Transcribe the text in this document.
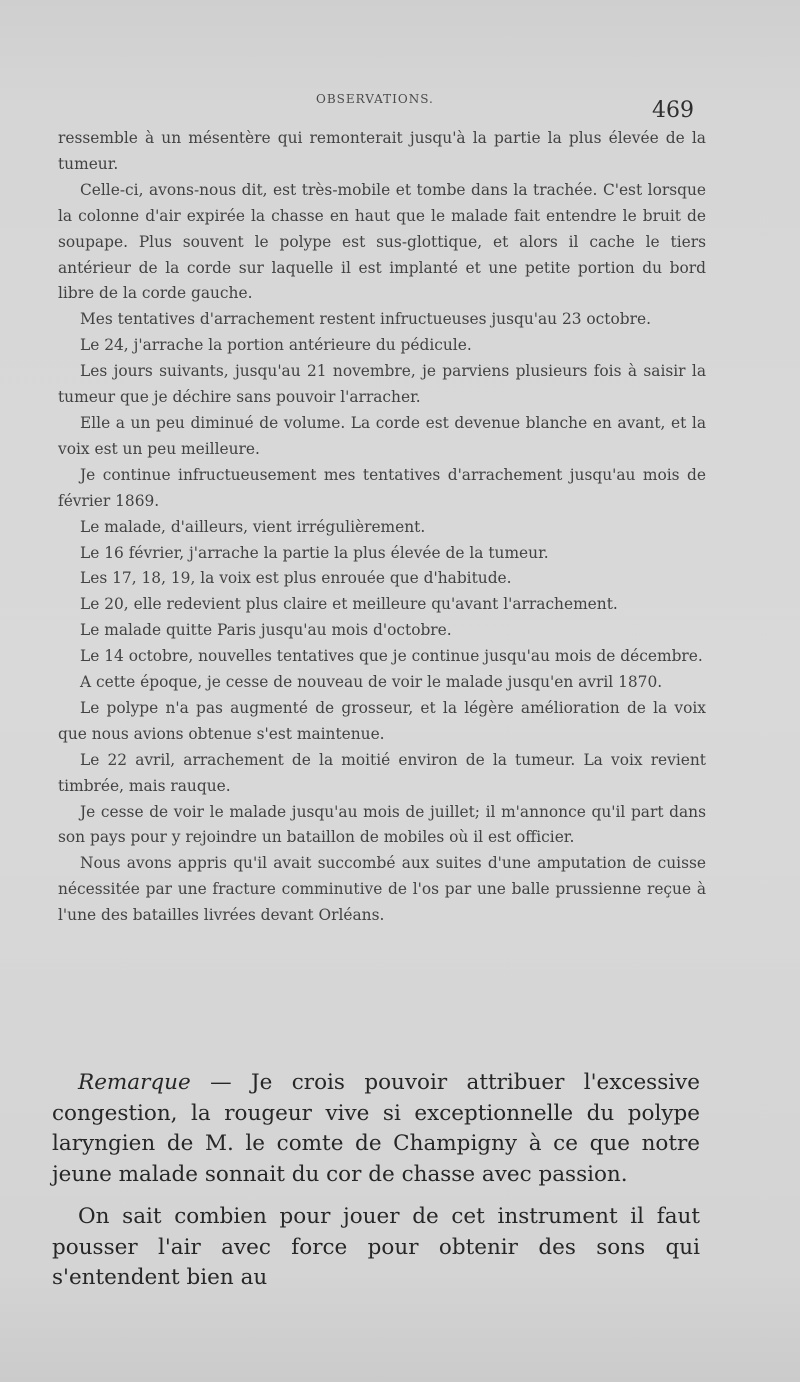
OBSERVATIONS.	469

ressemble à un mésentère qui remonterait jusqu'à la partie la plus élevée de la tumeur.

Celle-ci, avons-nous dit, est très-mobile et tombe dans la trachée. C'est lorsque la colonne d'air expirée la chasse en haut que le malade fait entendre le bruit de soupape. Plus souvent le polype est sus-glottique, et alors il cache le tiers antérieur de la corde sur laquelle il est implanté et une petite portion du bord libre de la corde gauche.

Mes tentatives d'arrachement restent infructueuses jusqu'au 23 octobre.

Le 24, j'arrache la portion antérieure du pédicule.

Les jours suivants, jusqu'au 21 novembre, je parviens plusieurs fois à saisir la tumeur que je déchire sans pouvoir l'arracher.

Elle a un peu diminué de volume. La corde est devenue blanche en avant, et la voix est un peu meilleure.

Je continue infructueusement mes tentatives d'arrachement jusqu'au mois de février 1869.

Le malade, d'ailleurs, vient irrégulièrement.

Le 16 février, j'arrache la partie la plus élevée de la tumeur.

Les 17, 18, 19, la voix est plus enrouée que d'habitude.

Le 20, elle redevient plus claire et meilleure qu'avant l'arrachement.

Le malade quitte Paris jusqu'au mois d'octobre.

Le 14 octobre, nouvelles tentatives que je continue jusqu'au mois de décembre.

A cette époque, je cesse de nouveau de voir le malade jusqu'en avril 1870.

Le polype n'a pas augmenté de grosseur, et la légère amélioration de la voix que nous avions obtenue s'est maintenue.

Le 22 avril, arrachement de la moitié environ de la tumeur. La voix revient timbrée, mais rauque.

Je cesse de voir le malade jusqu'au mois de juillet; il m'annonce qu'il part dans son pays pour y rejoindre un bataillon de mobiles où il est officier.

Nous avons appris qu'il avait succombé aux suites d'une amputation de cuisse nécessitée par une fracture comminutive de l'os par une balle prussienne reçue à l'une des batailles livrées devant Orléans.

Remarque — Je crois pouvoir attribuer l'excessive congestion, la rougeur vive si exceptionnelle du polype laryngien de M. le comte de Champigny à ce que notre jeune malade sonnait du cor de chasse avec passion.

On sait combien pour jouer de cet instrument il faut pousser l'air avec force pour obtenir des sons qui s'entendent bien au
